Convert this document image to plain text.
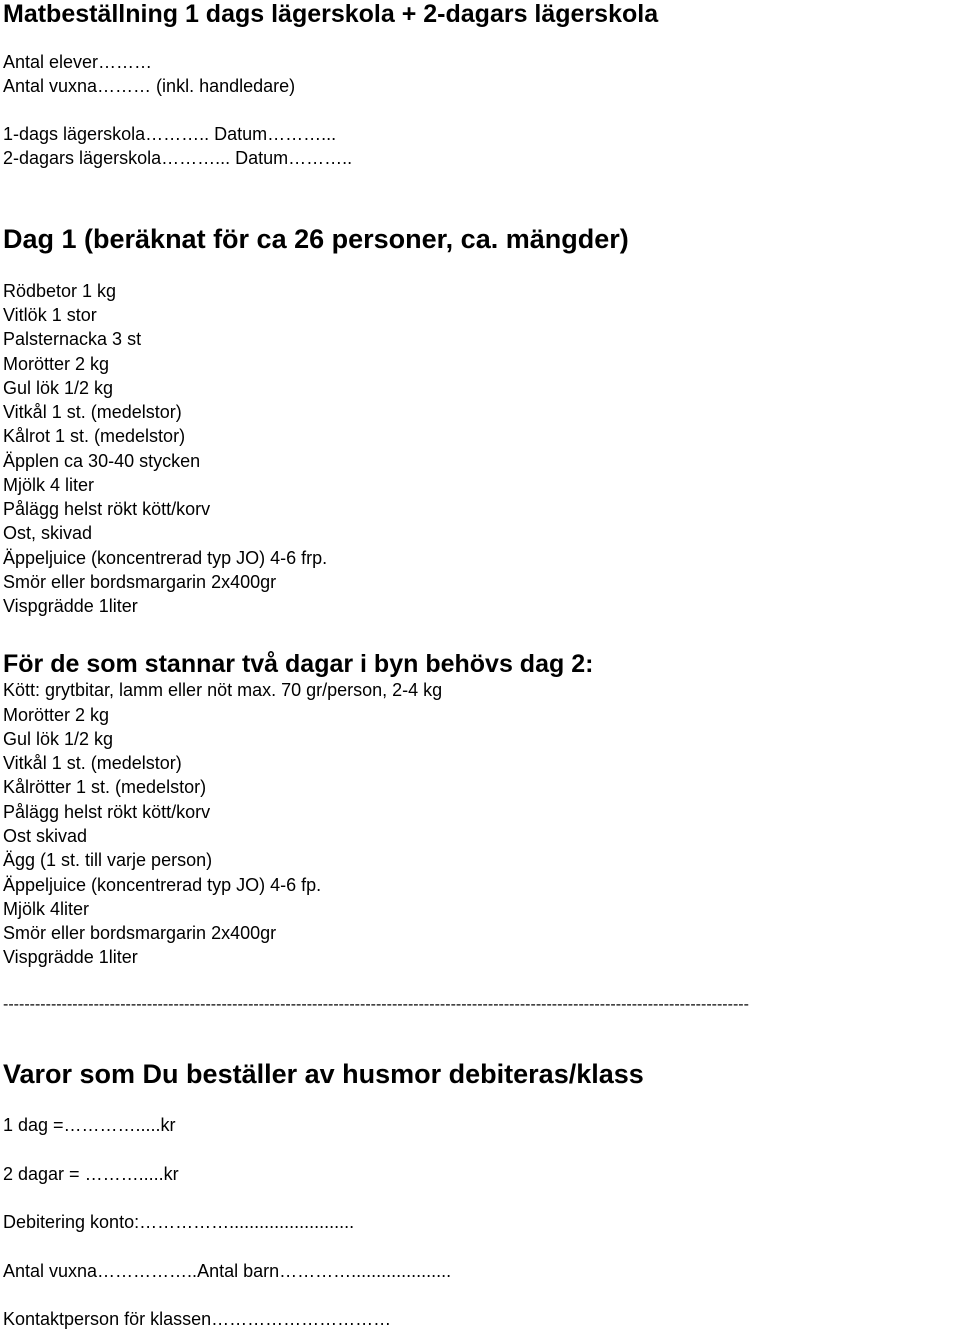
Matbeställning 1 dags lägerskola + 2-dagars lägerskola

Antal elever………

Antal vuxna……… (inkl. handledare)

1-dags lägerskola……….. Datum………...

2-dagars lägerskola………... Datum………..

Dag 1 (beräknat för ca 26 personer, ca. mängder)

Rödbetor 1 kg

Vitlök 1 stor

Palsternacka 3 st

Morötter 2 kg

Gul lök 1/2 kg

Vitkål 1 st. (medelstor)

Kålrot 1 st. (medelstor)

Äpplen ca 30-40 stycken

Mjölk 4 liter

Pålägg helst rökt kött/korv

Ost, skivad

Äppeljuice (koncentrerad typ JO) 4-6 frp.

Smör eller bordsmargarin 2x400gr

Vispgrädde 1liter

För de som stannar två dagar i byn behövs dag 2:

Kött: grytbitar, lamm eller nöt max. 70 gr/person, 2-4 kg

Morötter 2 kg

Gul lök 1/2 kg

Vitkål 1 st. (medelstor)

Kålrötter 1 st. (medelstor)

Pålägg helst rökt kött/korv

Ost skivad

Ägg (1 st. till varje person)

Äppeljuice (koncentrerad typ JO) 4-6 fp.

Mjölk 4liter

Smör eller bordsmargarin 2x400gr

Vispgrädde 1liter

--------------------------------------------------------------------------------------------------------------------------------------------

Varor som Du beställer av husmor debiteras/klass

1 dag =………….....kr

2 dagar = ……….....kr

Debitering konto:…………….........................

Antal vuxna……………..Antal barn…………....................

Kontaktperson för klassen…………………………
